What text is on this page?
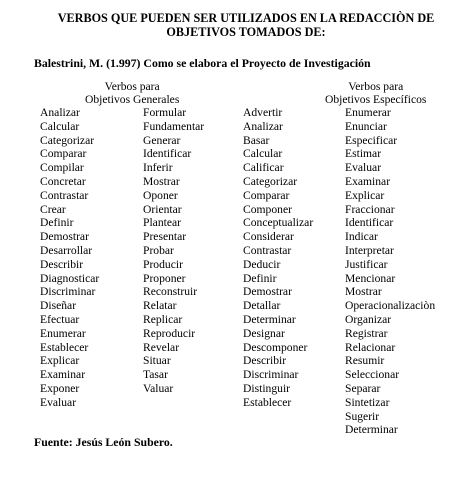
VERBOS QUE PUEDEN SER UTILIZADOS EN LA REDACCIÒN DE
OBJETIVOS TOMADOS DE:
Balestrini, M. (1.997) Como se elabora el Proyecto de Investigación
Verbos para
Objetivos Generales
Verbos para
Objetivos Específicos
Analizar
Calcular
Categorizar
Comparar
Compilar
Concretar
Contrastar
Crear
Definir
Demostrar
Desarrollar
Describir
Diagnosticar
Discriminar
Diseñar
Efectuar
Enumerar
Establecer
Explicar
Examinar
Exponer
Evaluar
Formular
Fundamentar
Generar
Identificar
Inferir
Mostrar
Oponer
Orientar
Plantear
Presentar
Probar
Producir
Proponer
Reconstruir
Relatar
Replicar
Reproducir
Revelar
Situar
Tasar
Valuar
Advertir
Analizar
Basar
Calcular
Calificar
Categorizar
Comparar
Componer
Conceptualizar
Considerar
Contrastar
Deducir
Definir
Demostrar
Detallar
Determinar
Designar
Descomponer
Describir
Discriminar
Distinguir
Establecer
Enumerar
Enunciar
Especificar
Estimar
Evaluar
Examinar
Explicar
Fraccionar
Identificar
Indicar
Interpretar
Justificar
Mencionar
Mostrar
Operacionalizaciòn
Organizar
Registrar
Relacionar
Resumir
Seleccionar
Separar
Sintetizar
Sugerir
Determinar
Fuente: Jesús León Subero.
